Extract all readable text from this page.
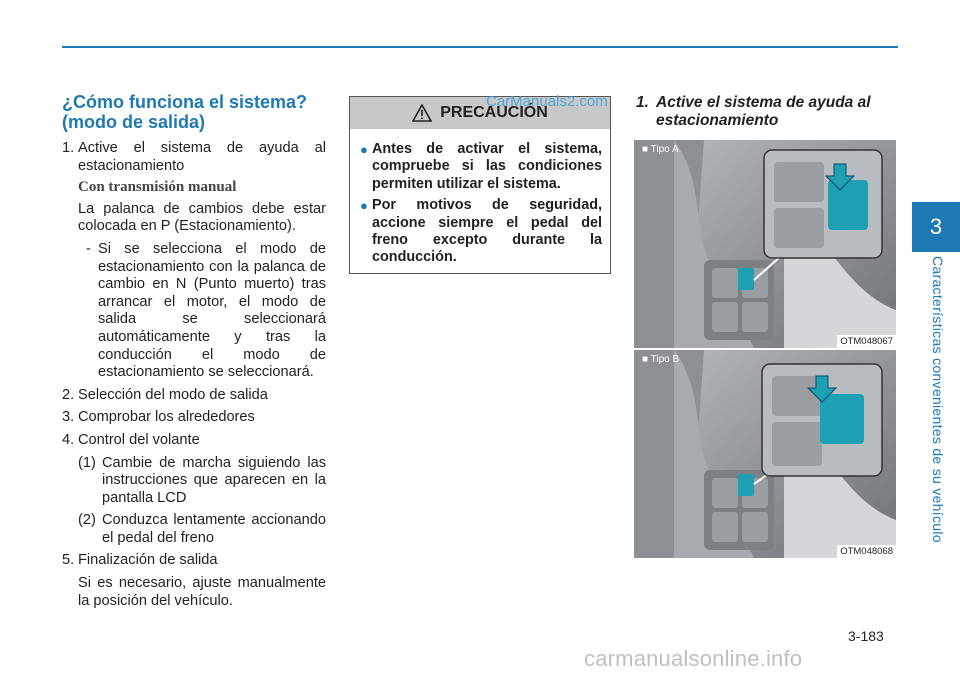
3
Características convenientes de su vehículo
¿Cómo funciona el sistema? (modo de salida)

1. Active el sistema de ayuda al estacionamiento

Con transmisión manual

La palanca de cambios debe estar colocada en P (Estacionamiento).

- Si se selecciona el modo de estacionamiento con la palanca de cambio en N (Punto muerto) tras arrancar el motor, el modo de salida se seleccionará automáticamente y tras la conducción el modo de estacionamiento se seleccionará.

2. Selección del modo de salida

3. Comprobar los alrededores

4. Control del volante

(1) Cambie de marcha siguiendo las instrucciones que aparecen en la pantalla LCD

(2) Conduzca lentamente accionando el pedal del freno

5. Finalización de salida

Si es necesario, ajuste manualmente la posición del vehículo.

PRECAUCIÓN
● Antes de activar el sistema, compruebe si las condiciones permiten utilizar el sistema.
● Por motivos de seguridad, accione siempre el pedal del freno excepto durante la conducción.
CarManuals2.com 1. Active el sistema de ayuda al
estacionamiento
■ Tipo A
OTM048067
■ Tipo B
OTM048068
3-183
carmanualsonline.info
